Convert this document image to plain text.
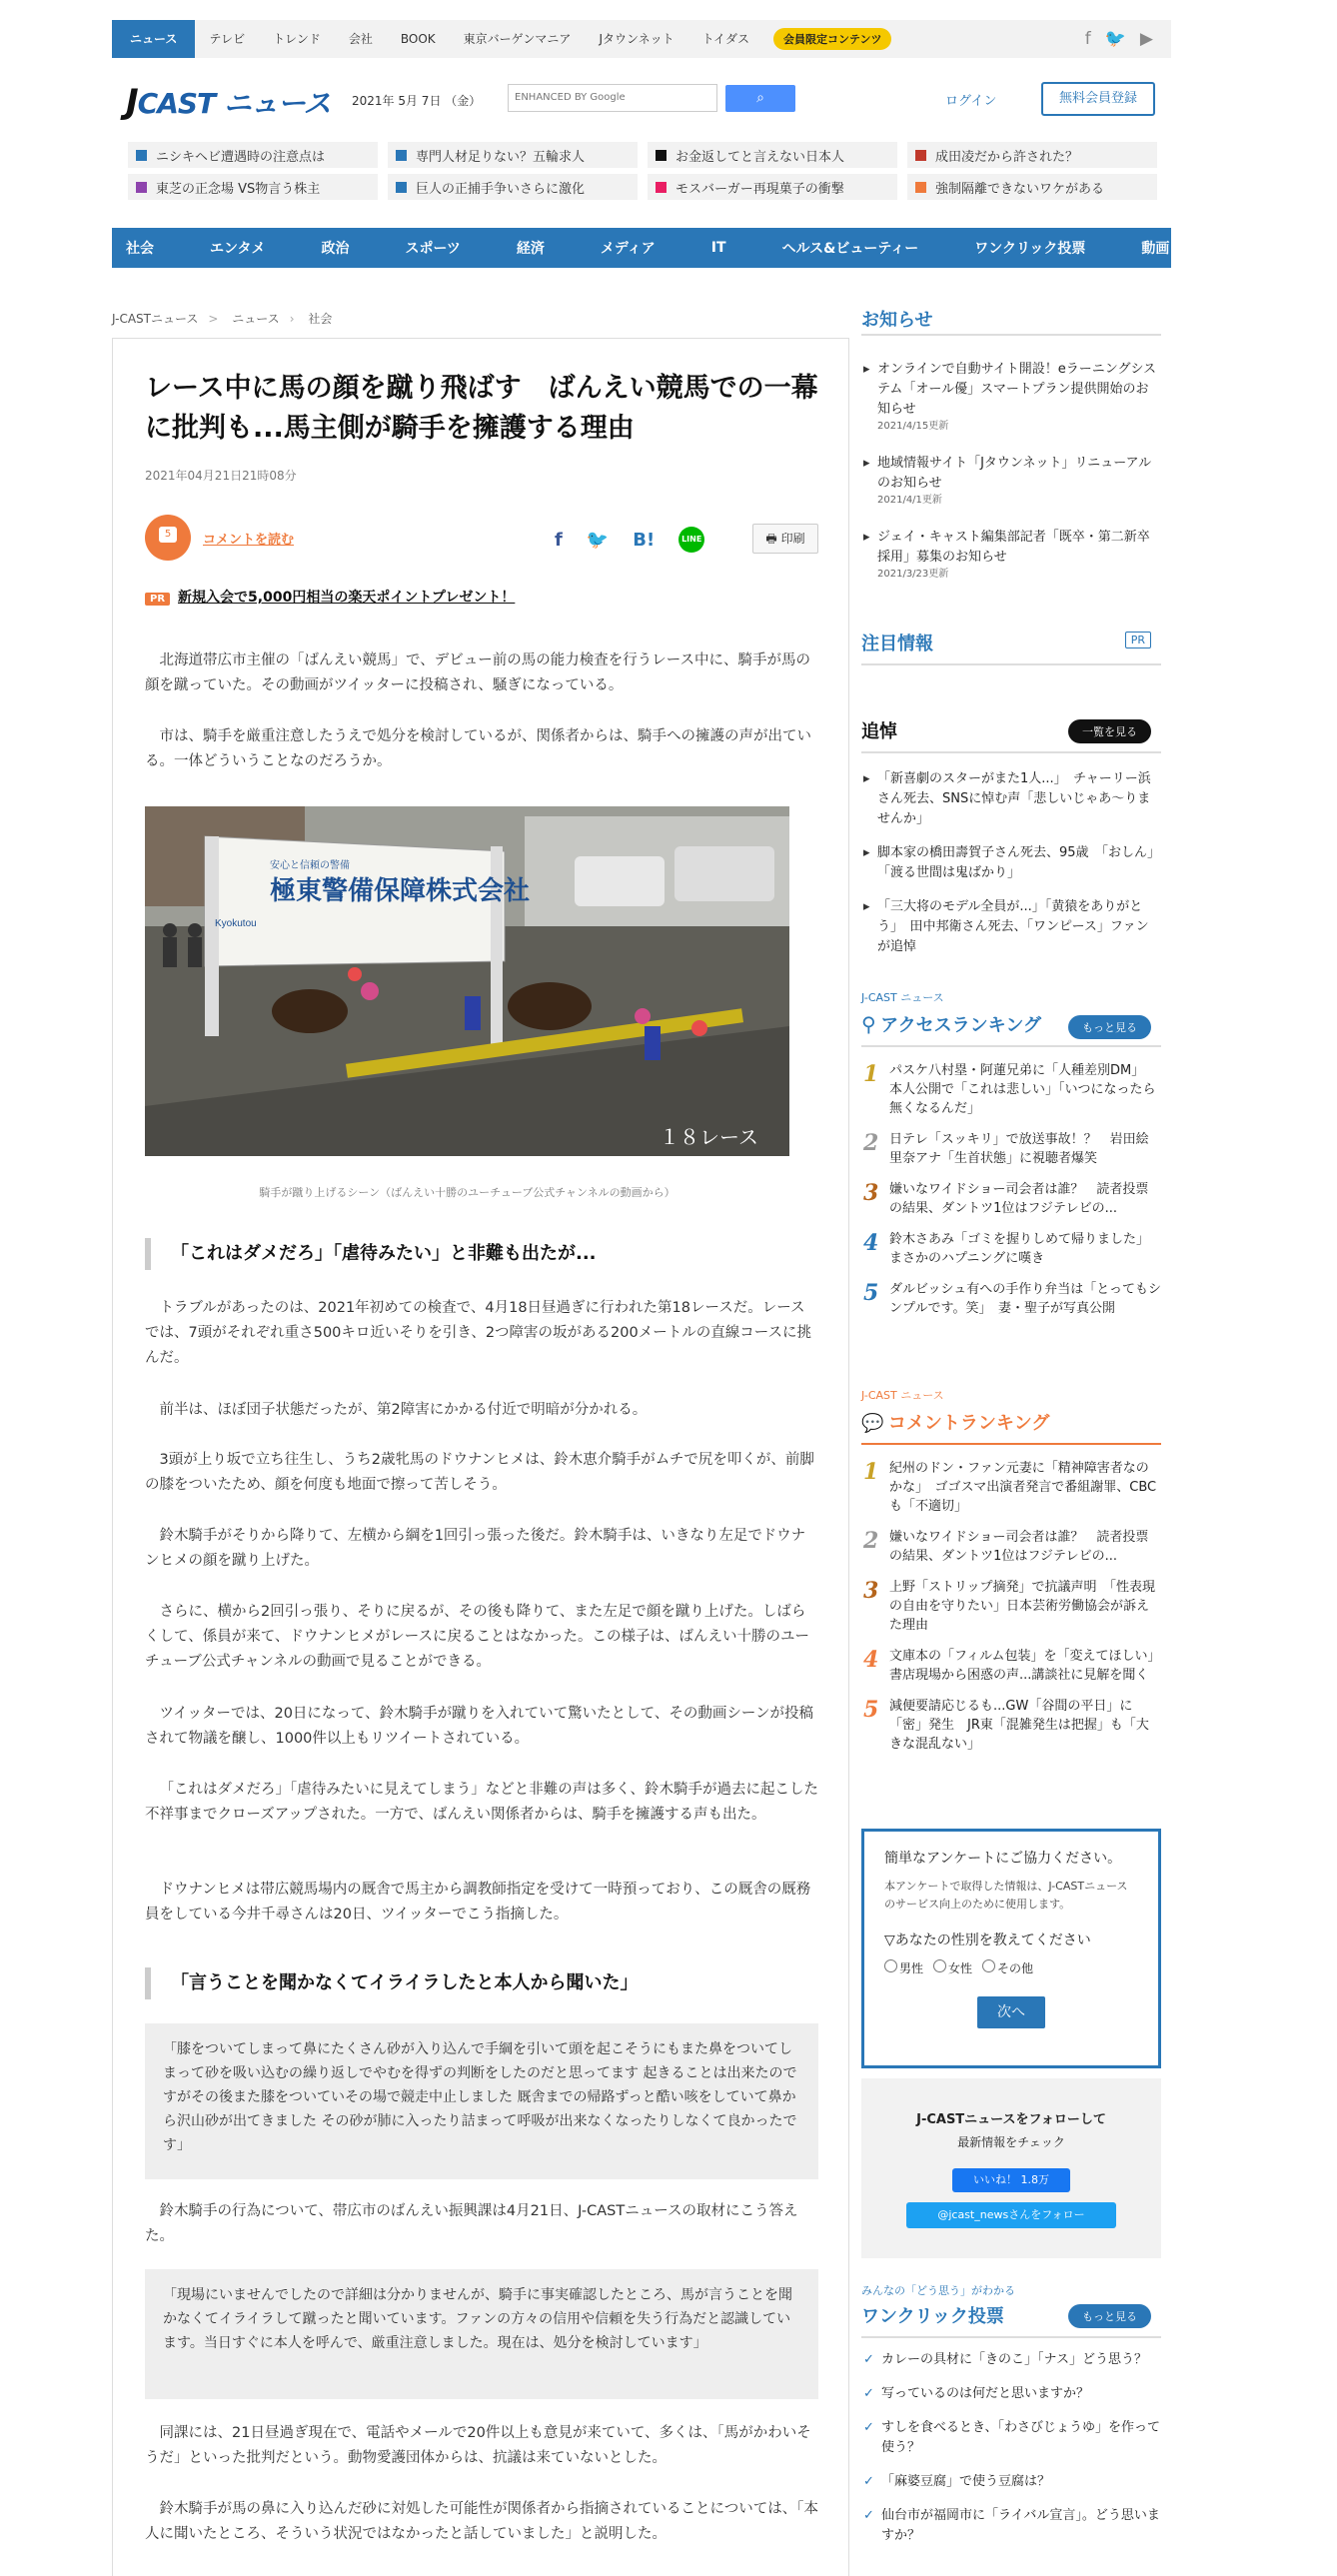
ニュース	テレビ	トレンド	会社	BOOK	東京バーゲンマニア	Jタウンネット	トイダス	会員限定コンテンツ	f 🐦 ▶
JCAST ニュース 2021年 5月 7日 （金）	ENHANCED BY Google	⌕	ログイン	無料会員登録
ニシキヘビ遭遇時の注意点は	専門人材足りない？五輪求人	お金返してと言えない日本人	成田凌だから許された？
東芝の正念場 VS物言う株主	巨人の正捕手争いさらに激化	モスバーガー再現菓子の衝撃	強制隔離できないワケがある
社会	エンタメ	政治	スポーツ	経済	メディア	IT	ヘルス&ビューティー	ワンクリック投票	動画	わたしのオト
PR
J-CASTニュース > ニュース › 社会
レース中に馬の顔を蹴り飛ばす　ばんえい競馬での一幕に批判も...馬主側が騎手を擁護する理由
2021年04月21日21時08分
5	コメントを読む	f 🐦 B!	LINE	🖶 印刷
PR 新規入会で5,000円相当の楽天ポイントプレゼント！

北海道帯広市主催の「ばんえい競馬」で、デビュー前の馬の能力検査を行うレース中に、騎手が馬の顔を蹴っていた。その動画がツイッターに投稿され、騒ぎになっている。

市は、騎手を厳重注意したうえで処分を検討しているが、関係者からは、騎手への擁護の声が出ている。一体どういうことなのだろうか。

極東警備保障株式会社
安心と信頼の警備
Kyokutou
１８レース
騎手が蹴り上げるシーン（ばんえい十勝のユーチューブ公式チャンネルの動画から）
「これはダメだろ」「虐待みたい」と非難も出たが...

トラブルがあったのは、2021年初めての検査で、4月18日昼過ぎに行われた第18レースだ。レースでは、7頭がそれぞれ重さ500キロ近いそりを引き、2つ障害の坂がある200メートルの直線コースに挑んだ。

前半は、ほぼ団子状態だったが、第2障害にかかる付近で明暗が分かれる。

3頭が上り坂で立ち往生し、うち2歳牝馬のドウナンヒメは、鈴木恵介騎手がムチで尻を叩くが、前脚の膝をついたため、顔を何度も地面で擦って苦しそう。

鈴木騎手がそりから降りて、左横から綱を1回引っ張った後だ。鈴木騎手は、いきなり左足でドウナンヒメの顔を蹴り上げた。

さらに、横から2回引っ張り、そりに戻るが、その後も降りて、また左足で顔を蹴り上げた。しばらくして、係員が来て、ドウナンヒメがレースに戻ることはなかった。この様子は、ばんえい十勝のユーチューブ公式チャンネルの動画で見ることができる。

ツイッターでは、20日になって、鈴木騎手が蹴りを入れていて驚いたとして、その動画シーンが投稿されて物議を醸し、1000件以上もリツイートされている。

「これはダメだろ」「虐待みたいに見えてしまう」などと非難の声は多く、鈴木騎手が過去に起こした不祥事までクローズアップされた。一方で、ばんえい関係者からは、騎手を擁護する声も出た。

ドウナンヒメは帯広競馬場内の厩舎で馬主から調教師指定を受けて一時預っており、この厩舎の厩務員をしている今井千尋さんは20日、ツイッターでこう指摘した。

「言うことを聞かなくてイライラしたと本人から聞いた」
「膝をついてしまって鼻にたくさん砂が入り込んで手綱を引いて頭を起こそうにもまた鼻をついてしまって砂を吸い込むの繰り返しでやむを得ずの判断をしたのだと思ってます 起きることは出来たのですがその後また膝をついていその場で競走中止しました 厩舎までの帰路ずっと酷い咳をしていて鼻から沢山砂が出てきました その砂が肺に入ったり詰まって呼吸が出来なくなったりしなくて良かったです」

鈴木騎手の行為について、帯広市のばんえい振興課は4月21日、J-CASTニュースの取材にこう答えた。

「現場にいませんでしたので詳細は分かりませんが、騎手に事実確認したところ、馬が言うことを聞かなくてイライラして蹴ったと聞いています。ファンの方々の信用や信頼を失う行為だと認識しています。当日すぐに本人を呼んで、厳重注意しました。現在は、処分を検討しています」

同課には、21日昼過ぎ現在で、電話やメールで20件以上も意見が来ていて、多くは、「馬がかわいそうだ」といった批判だという。動物愛護団体からは、抗議は来ていないとした。

鈴木騎手が馬の鼻に入り込んだ砂に対処した可能性が関係者から指摘されていることについては、「本人に聞いたところ、そういう状況ではなかったと話していました」と説明した。

お知らせ
▸ オンラインで自動サイト開設！eラーニングシステム「オール優」スマートプラン提供開始のお知らせ
2021/4/15更新
▸ 地域情報サイト「Jタウンネット」リニューアルのお知らせ
2021/4/1更新
▸ ジェイ・キャスト編集部記者「既卒・第二新卒採用」募集のお知らせ
2021/3/23更新
注目情報	PR
追悼	一覧を見る
▸ 「新喜劇のスターがまた1人...」　チャーリー浜さん死去、SNSに悼む声「悲しいじゃあ～りませんか」
▸ 脚本家の橋田壽賀子さん死去、95歳　「おしん」「渡る世間は鬼ばかり」
▸ 「三大将のモデル全員が...」「黄猿をありがとう」　田中邦衛さん死去、「ワンピース」ファンが追悼
J-CAST ニュース
⚲ アクセスランキング	もっと見る
1 パスケ八村塁・阿蓮兄弟に「人種差別DM」　本人公開で「これは悲しい」「いつになったら無くなるんだ」
2 日テレ「スッキリ」で放送事故！？　岩田絵里奈アナ「生首状態」に視聴者爆笑
3 嫌いなワイドショー司会者は誰？　読者投票の結果、ダントツ1位はフジテレビの...
4 鈴木さあみ「ゴミを握りしめて帰りました」　まさかのハプニングに嘆き
5 ダルビッシュ有への手作り弁当は「とってもシンプルです。笑」　妻・聖子が写真公開
J-CAST ニュース
💬 コメントランキング
1 紀州のドン・ファン元妻に「精神障害者なのかな」　ゴゴスマ出演者発言で番組謝罪、CBCも「不適切」
2 嫌いなワイドショー司会者は誰？　読者投票の結果、ダントツ1位はフジテレビの...
3 上野「ストリップ摘発」で抗議声明　「性表現の自由を守りたい」日本芸術労働協会が訴えた理由
4 文庫本の「フィルム包装」を「変えてほしい」　書店現場から困惑の声...講談社に見解を聞く
5 減便要請応じるも...GW「谷間の平日」に「密」発生　JR東「混雑発生は把握」も「大きな混乱ない」
簡単なアンケートにご協力ください。
本アンケートで取得した情報は、J-CASTニュースのサービス向上のために使用します。
▽あなたの性別を教えてください
男性	女性	その他
次へ
J-CASTニュースをフォローして
最新情報をチェック
いいね！ 1.8万
@jcast_newsさんをフォロー
みんなの「どう思う」がわかる
ワンクリック投票	もっと見る
✓ カレーの具材に「きのこ」「ナス」どう思う？
✓ 写っているのは何だと思いますか？
✓ すしを食べるとき、「わさびじょうゆ」を作って使う？
✓ 「麻婆豆腐」で使う豆腐は？
✓ 仙台市が福岡市に「ライバル宣言」。どう思いますか？
